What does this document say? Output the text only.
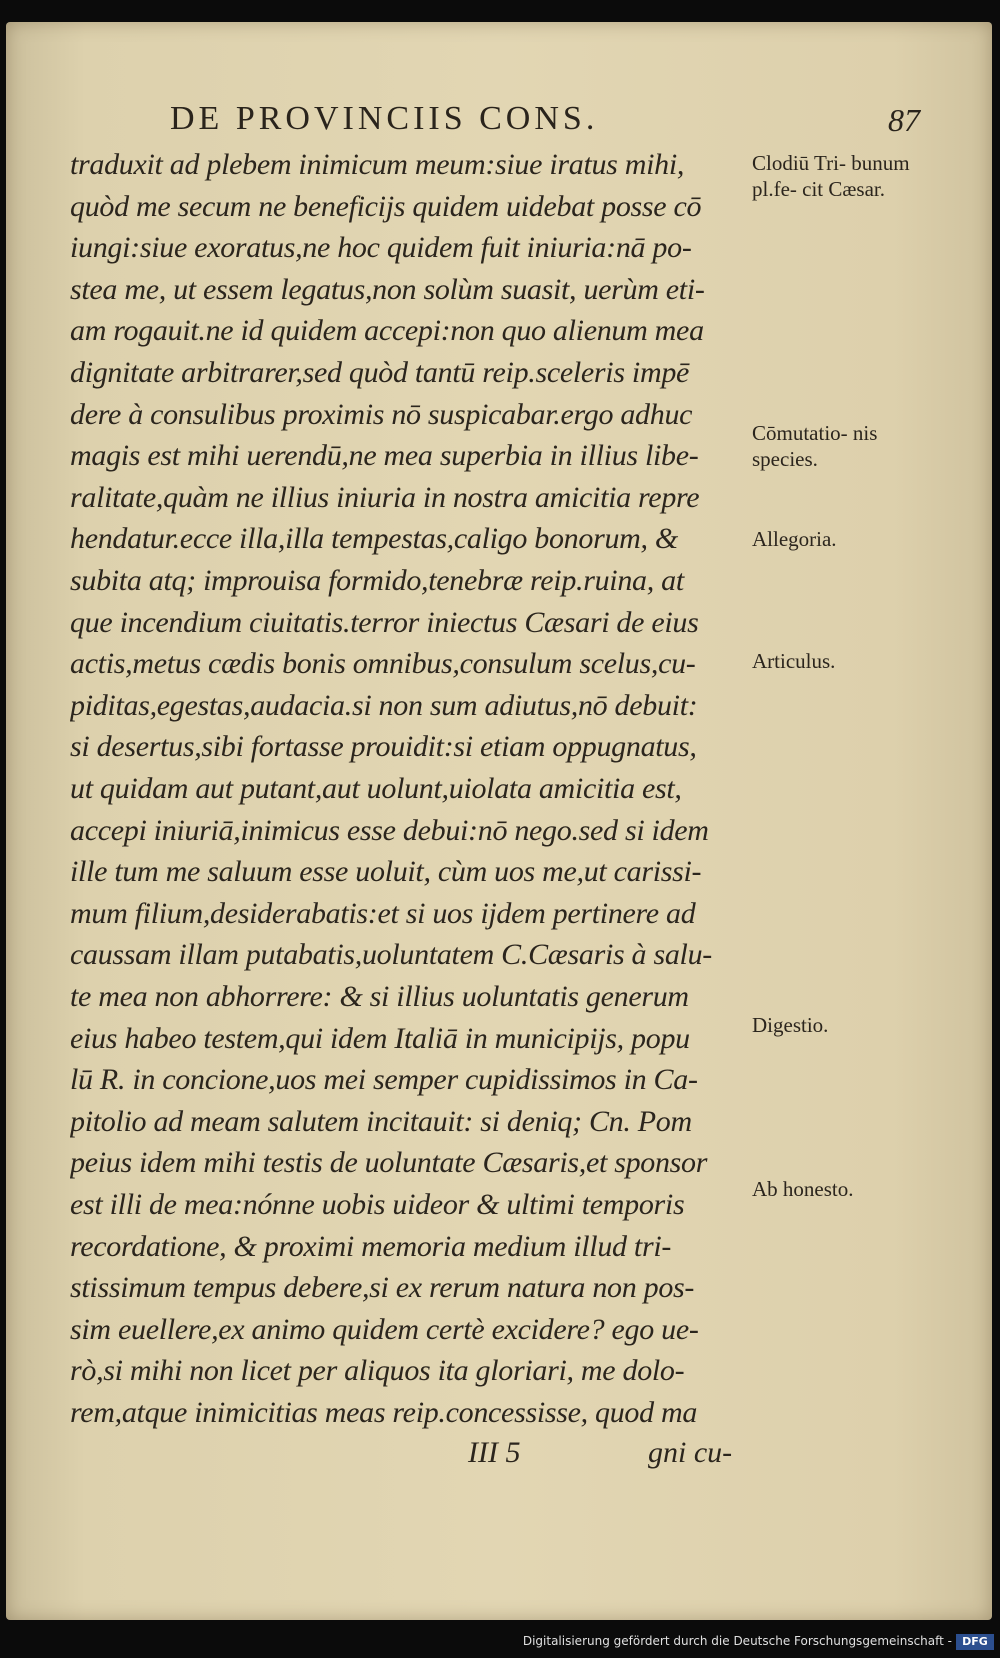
DE PROVINCIIS CONS.	87
traduxit ad plebem inimicum meum:siue iratus mihi,
quòd me secum ne beneficijs quidem uidebat posse cō
iungi:siue exoratus,ne hoc quidem fuit iniuria:nā po-
stea me, ut essem legatus,non solùm suasit, uerùm eti-
am rogauit.ne id quidem accepi:non quo alienum mea
dignitate arbitrarer,sed quòd tantū reip.sceleris impē
dere à consulibus proximis nō suspicabar.ergo adhuc
magis est mihi uerendū,ne mea superbia in illius libe-
ralitate,quàm ne illius iniuria in nostra amicitia repre
hendatur.ecce illa,illa tempestas,caligo bonorum, &
subita atq; improuisa formido,tenebræ reip.ruina, at
que incendium ciuitatis.terror iniectus Cæsari de eius
actis,metus cædis bonis omnibus,consulum scelus,cu-
piditas,egestas,audacia.si non sum adiutus,nō debuit:
si desertus,sibi fortasse prouidit:si etiam oppugnatus,
ut quidam aut putant,aut uolunt,uiolata amicitia est,
accepi iniuriā,inimicus esse debui:nō nego.sed si idem
ille tum me saluum esse uoluit, cùm uos me,ut carissi-
mum filium,desiderabatis:et si uos ijdem pertinere ad
caussam illam putabatis,uoluntatem C.Cæsaris à salu-
te mea non abhorrere: & si illius uoluntatis generum
eius habeo testem,qui idem Italiā in municipijs, popu
lū R. in concione,uos mei semper cupidissimos in Ca-
pitolio ad meam salutem incitauit: si deniq; Cn. Pom
peius idem mihi testis de uoluntate Cæsaris,et sponsor
est illi de mea:nónne uobis uideor & ultimi temporis
recordatione, & proximi memoria medium illud tri-
stissimum tempus debere,si ex rerum natura non pos-
sim euellere,ex animo quidem certè excidere? ego ue-
rò,si mihi non licet per aliquos ita gloriari, me dolo-
rem,atque inimicitias meas reip.concessisse, quod ma
III 5	gni cu-
Clodiū Tri- bunum pl.fe- cit Cæsar.
Cōmutatio- nis species.
Allegoria.
Articulus.
Digestio.
Ab honesto.
Digitalisierung gefördert durch die Deutsche Forschungsgemeinschaft - DFG
